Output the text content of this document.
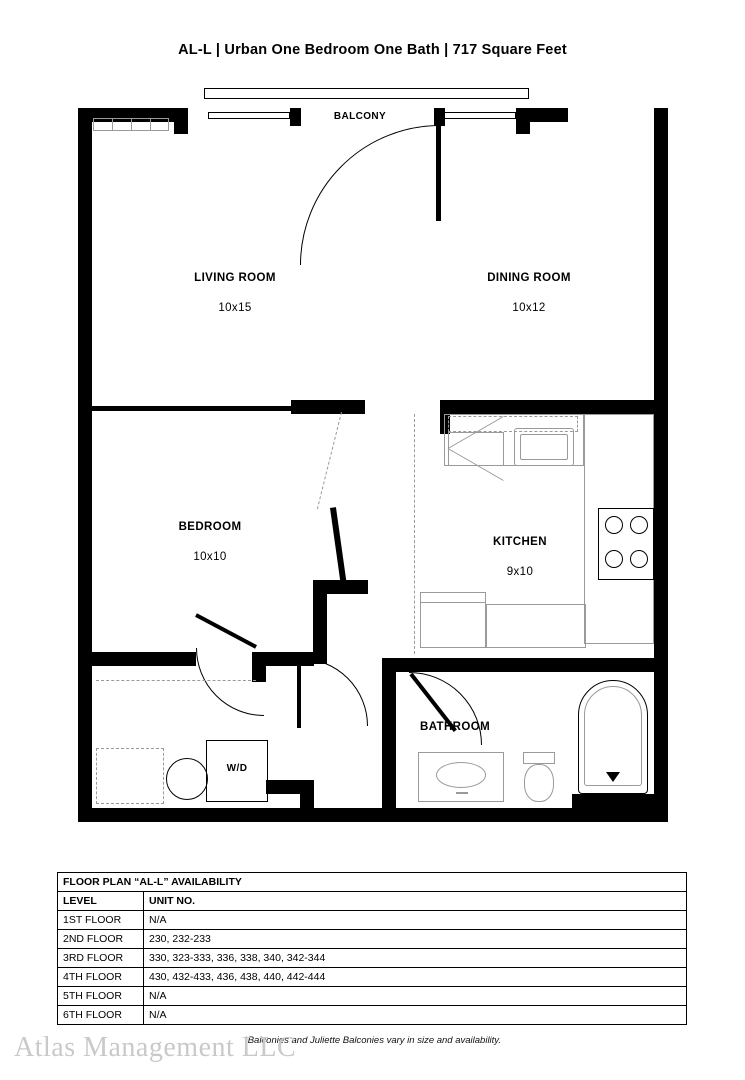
AL-L | Urban One Bedroom One Bath | 717 Square Feet
BALCONY

LIVING ROOM

10x15

DINING ROOM

10x12

BEDROOM

10x10

W/D

KITCHEN

9x10

BATHROOM

FLOOR PLAN “AL-L” AVAILABILITY
LEVEL	UNIT NO.
1ST FLOOR	N/A
2ND FLOOR	230, 232-233
3RD FLOOR	330, 323-333, 336, 338, 340, 342-344
4TH FLOOR	430, 432-433, 436, 438, 440, 442-444
5TH FLOOR	N/A
6TH FLOOR	N/A
*Balconies and Juliette Balconies vary in size and availability.
Atlas Management LLC
